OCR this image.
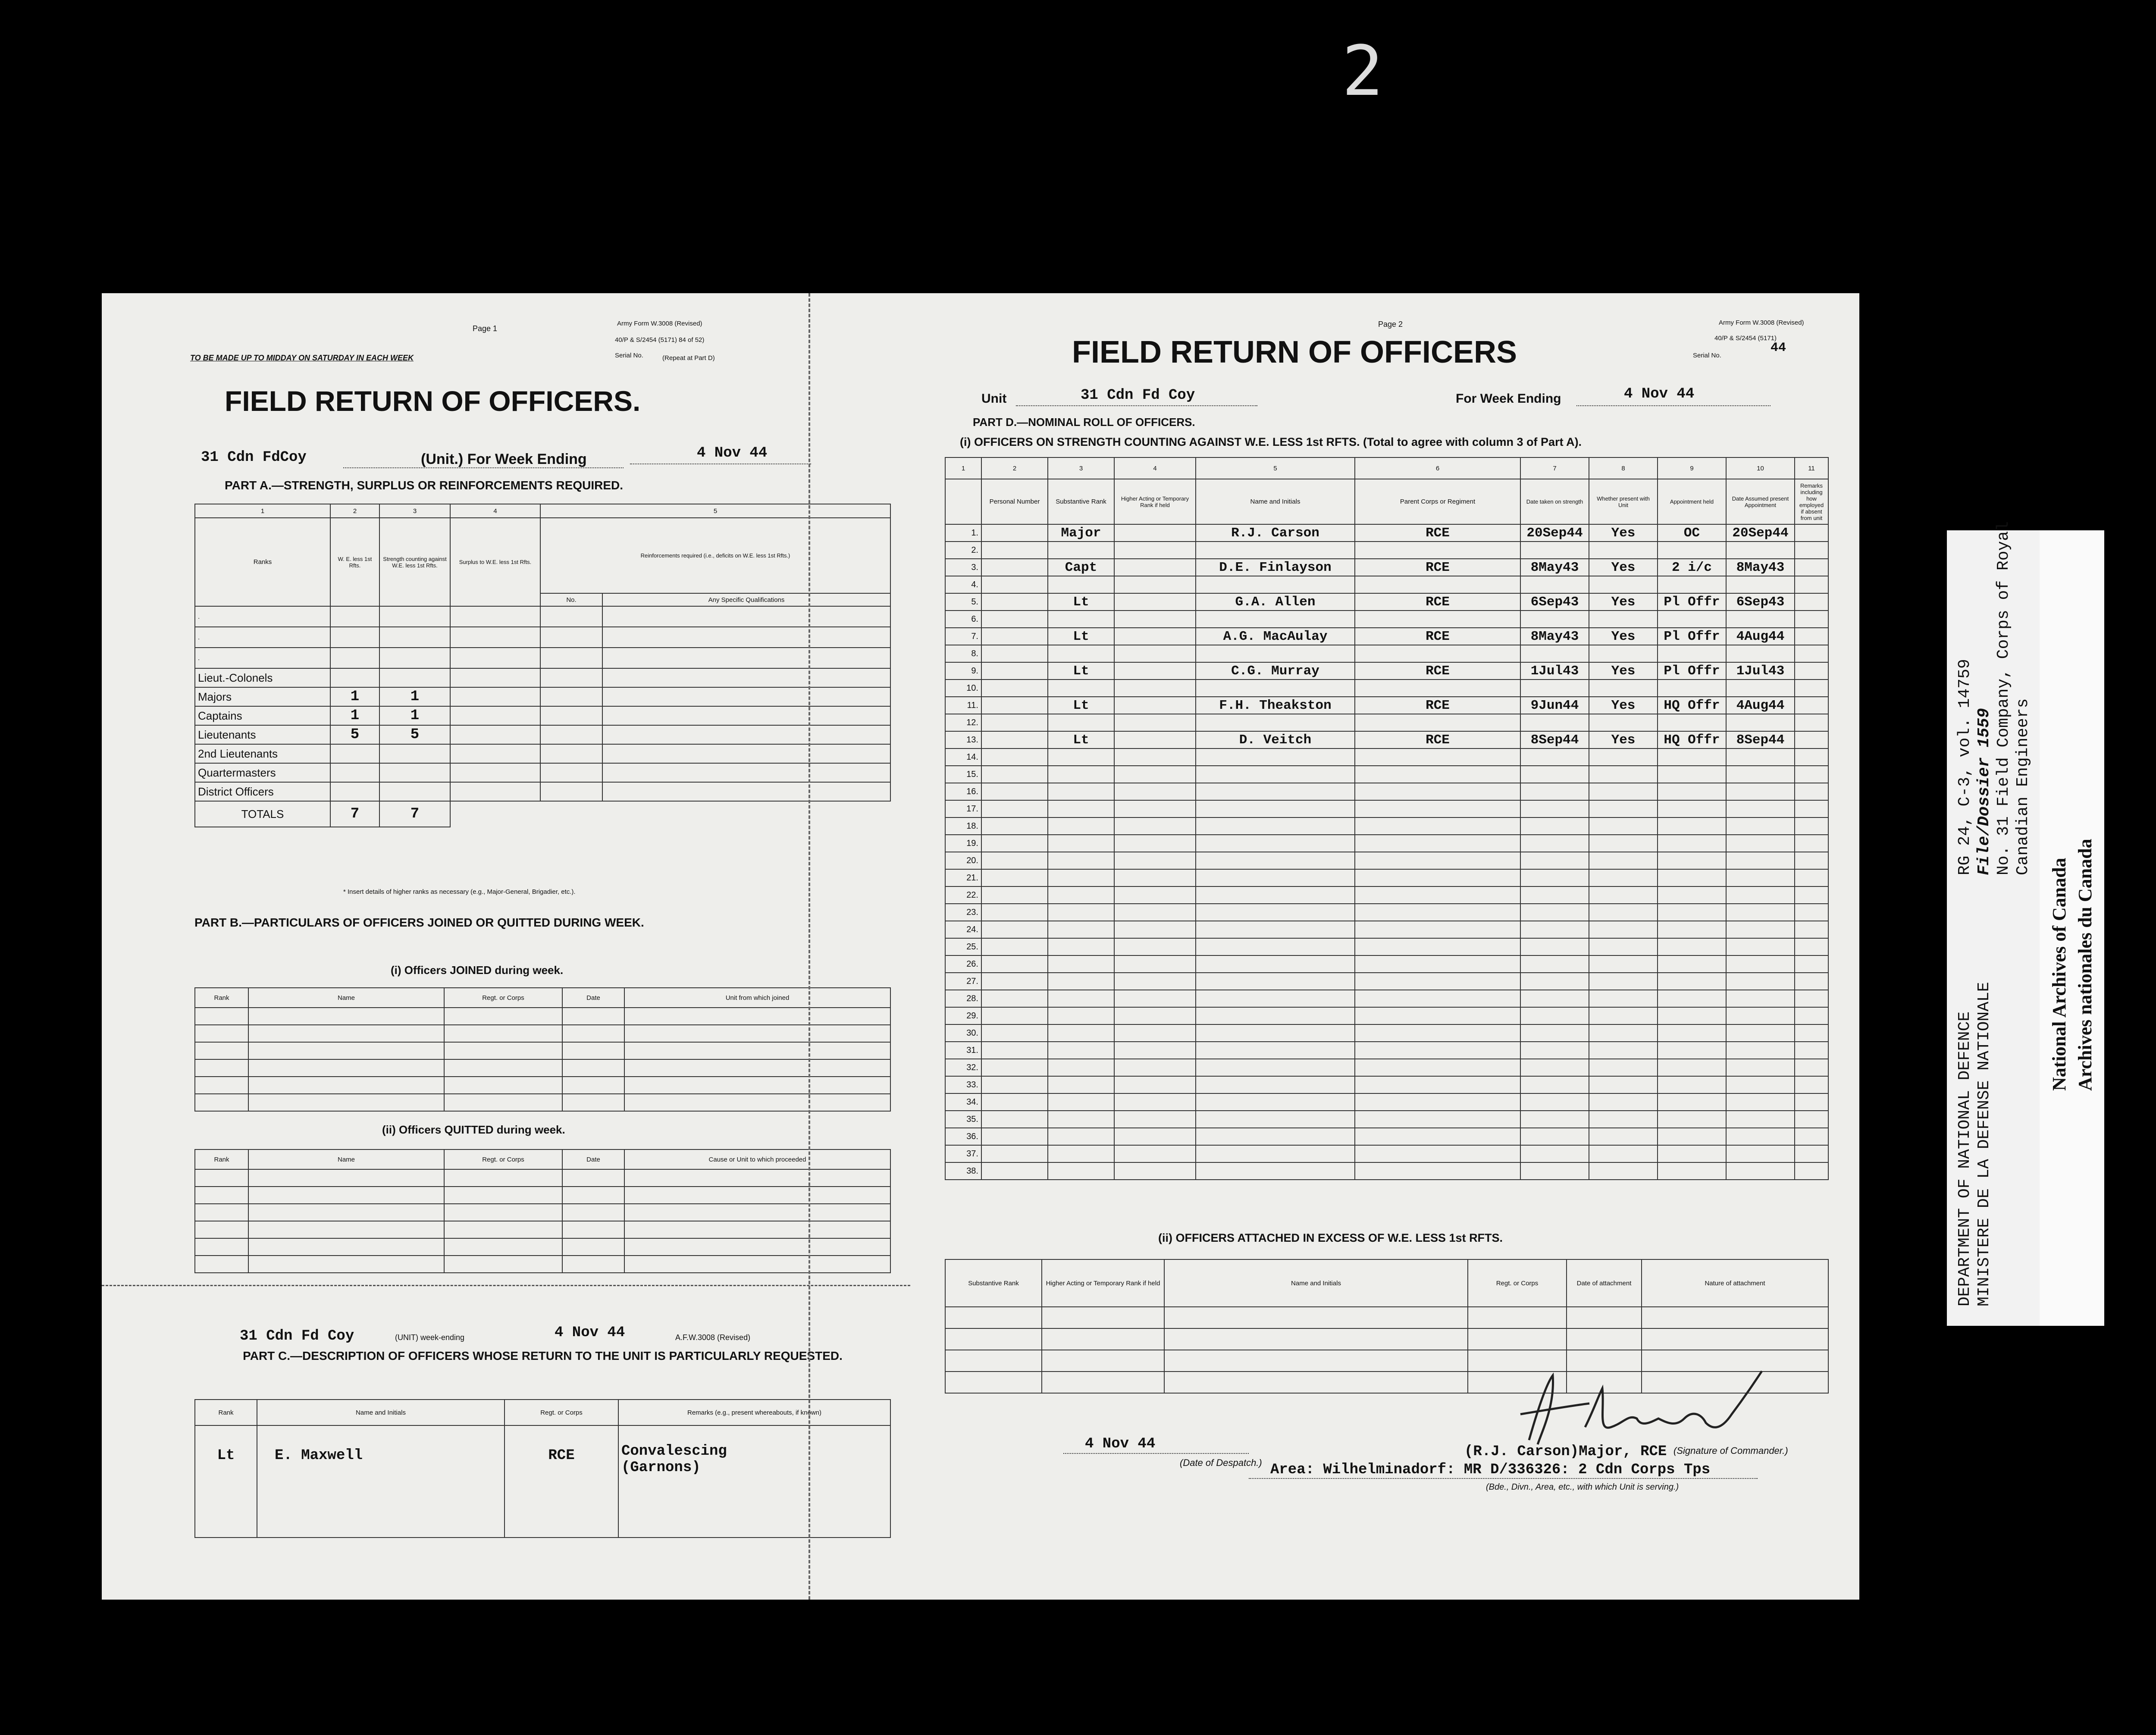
2
Page 1
Army Form W.3008 (Revised)
40/P & S/2454 (5171) 84 of 52)
Serial No.	(Repeat at Part D)
TO BE MADE UP TO MIDDAY ON SATURDAY IN EACH WEEK
FIELD RETURN OF OFFICERS.
31 Cdn FdCoy	(Unit.) For Week Ending	4 Nov 44
PART A.—STRENGTH, SURPLUS OR REINFORCEMENTS REQUIRED.
1	2	3	4	5	
Ranks	W. E. less 1st Rfts.	Strength counting against W.E. less 1st Rfts.	Surplus to W.E. less 1st Rfts.	Reinforcements required (i.e., deficits on W.E. less 1st Rfts.)	
				No.	Any Specific Qualifications
.					
.					
.					
Lieut.-Colonels					
Majors	1	1			
Captains	1	1			
Lieutenants	5	5			
2nd Lieutenants					
Quartermasters					
District Officers					
TOTALS	7	7			
* Insert details of higher ranks as necessary (e.g., Major-General, Brigadier, etc.).
PART B.—PARTICULARS OF OFFICERS JOINED OR QUITTED DURING WEEK.
(i) Officers JOINED during week.
Rank	Name	Regt. or Corps	Date	Unit from which joined

(ii) Officers QUITTED during week.
Rank	Name	Regt. or Corps	Date	Cause or Unit to which proceeded

31 Cdn Fd Coy	(UNIT) week-ending	4 Nov 44	A.F.W.3008 (Revised)
PART C.—DESCRIPTION OF OFFICERS WHOSE RETURN TO THE UNIT IS PARTICULARLY REQUESTED.
Rank	Name and Initials	Regt. or Corps	Remarks (e.g., present whereabouts, if known)
Lt	E. Maxwell	RCE	Convalescing
(Garnons)
Page 2	Army Form W.3008 (Revised)
40/P & S/2454 (5171)
Serial No.
44
FIELD RETURN OF OFFICERS
Unit	31 Cdn Fd Coy	For Week Ending	4 Nov 44
PART D.—NOMINAL ROLL OF OFFICERS.
(i) OFFICERS ON STRENGTH COUNTING AGAINST W.E. LESS 1st RFTS. (Total to agree with column 3 of Part A).
1	2	3	4	5	6	7	8	9	10	11
	Personal Number	Substantive Rank	Higher Acting or Temporary Rank if held	Name and Initials	Parent Corps or Regiment	Date taken on strength	Whether present with Unit	Appointment held	Date Assumed present Appointment	Remarks including how employed if absent from unit
1.		Major		R.J. Carson	RCE	20Sep44	Yes	OC	20Sep44	
2.										
3.		Capt		D.E. Finlayson	RCE	8May43	Yes	2 i/c	8May43	
4.										
5.		Lt		G.A. Allen	RCE	6Sep43	Yes	Pl Offr	6Sep43	
6.										
7.		Lt		A.G. MacAulay	RCE	8May43	Yes	Pl Offr	4Aug44	
8.										
9.		Lt		C.G. Murray	RCE	1Jul43	Yes	Pl Offr	1Jul43	
10.										
11.		Lt		F.H. Theakston	RCE	9Jun44	Yes	HQ Offr	4Aug44	
12.										
13.		Lt		D. Veitch	RCE	8Sep44	Yes	HQ Offr	8Sep44	
14.										
15.										
16.										
17.										
18.										
19.										
20.										
21.										
22.										
23.										
24.										
25.										
26.										
27.										
28.										
29.										
30.										
31.										
32.										
33.										
34.										
35.										
36.										
37.										
38.										
(ii) OFFICERS ATTACHED IN EXCESS OF W.E. LESS 1st RFTS.
Substantive Rank	Higher Acting or Temporary Rank if held	Name and Initials	Regt. or Corps	Date of attachment	Nature of attachment

4 Nov 44
(Date of Despatch.)
(R.J. Carson)Major, RCE (Signature of Commander.)
Area: Wilhelminadorf: MR D/336326: 2 Cdn Corps Tps
(Bde., Divn., Area, etc., with which Unit is serving.)
DEPARTMENT OF NATIONAL DEFENCE MINISTERE DE LA DEFENSE NATIONALE
RG 24, C-3, vol. 14759 File/Dossier 1559 No. 31 Field Company, Corps of Royal Canadian Engineers
National Archives of Canada Archives nationales du Canada
